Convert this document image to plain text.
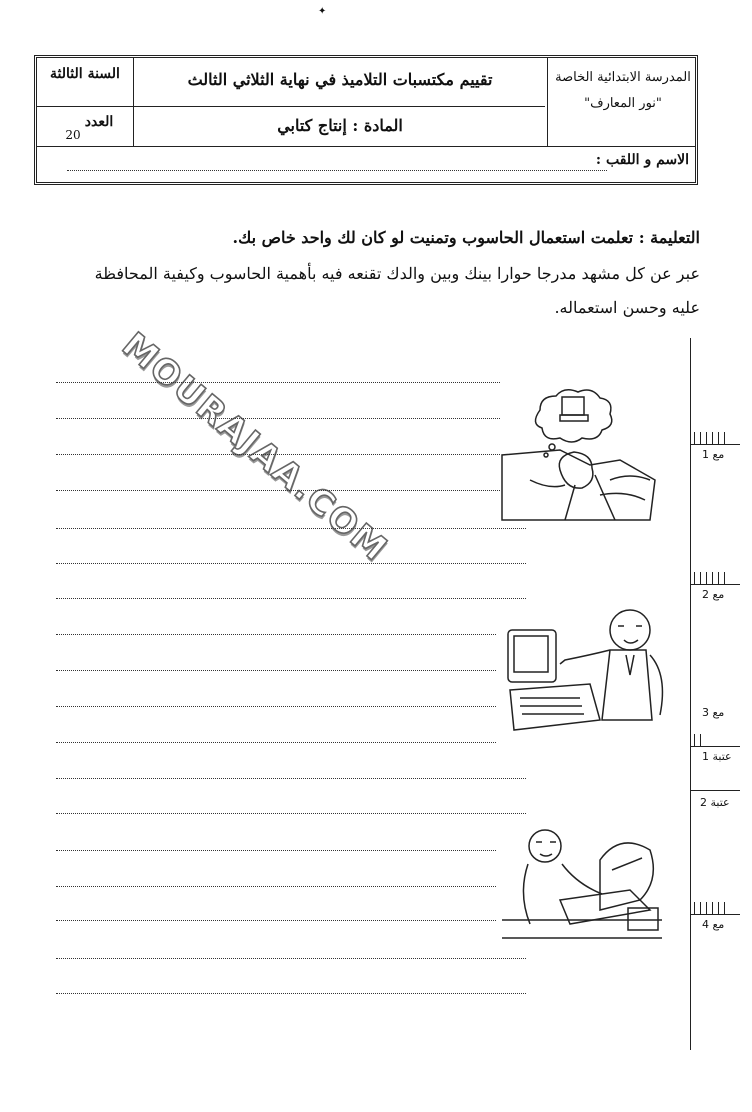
✦
المدرسة الابتدائية الخاصة
"نور المعارف"
تقييم مكتسبات التلاميذ في نهاية الثلاثي الثالث
المادة : إنتاج كتابي
السنة الثالثة
العدد
20
الاسم و اللقب :
التعليمة : تعلمت استعمال الحاسوب وتمنيت لو كان لك واحد خاص بك.
عبر عن كل مشهد مدرجا حوارا بينك وبين والدك تقنعه فيه بأهمية الحاسوب وكيفية المحافظة
عليه وحسن استعماله.
MOURAJAA.COM	مع 1
مع 2
مع 3
عتبة 1
عتبة 2
مع 4
